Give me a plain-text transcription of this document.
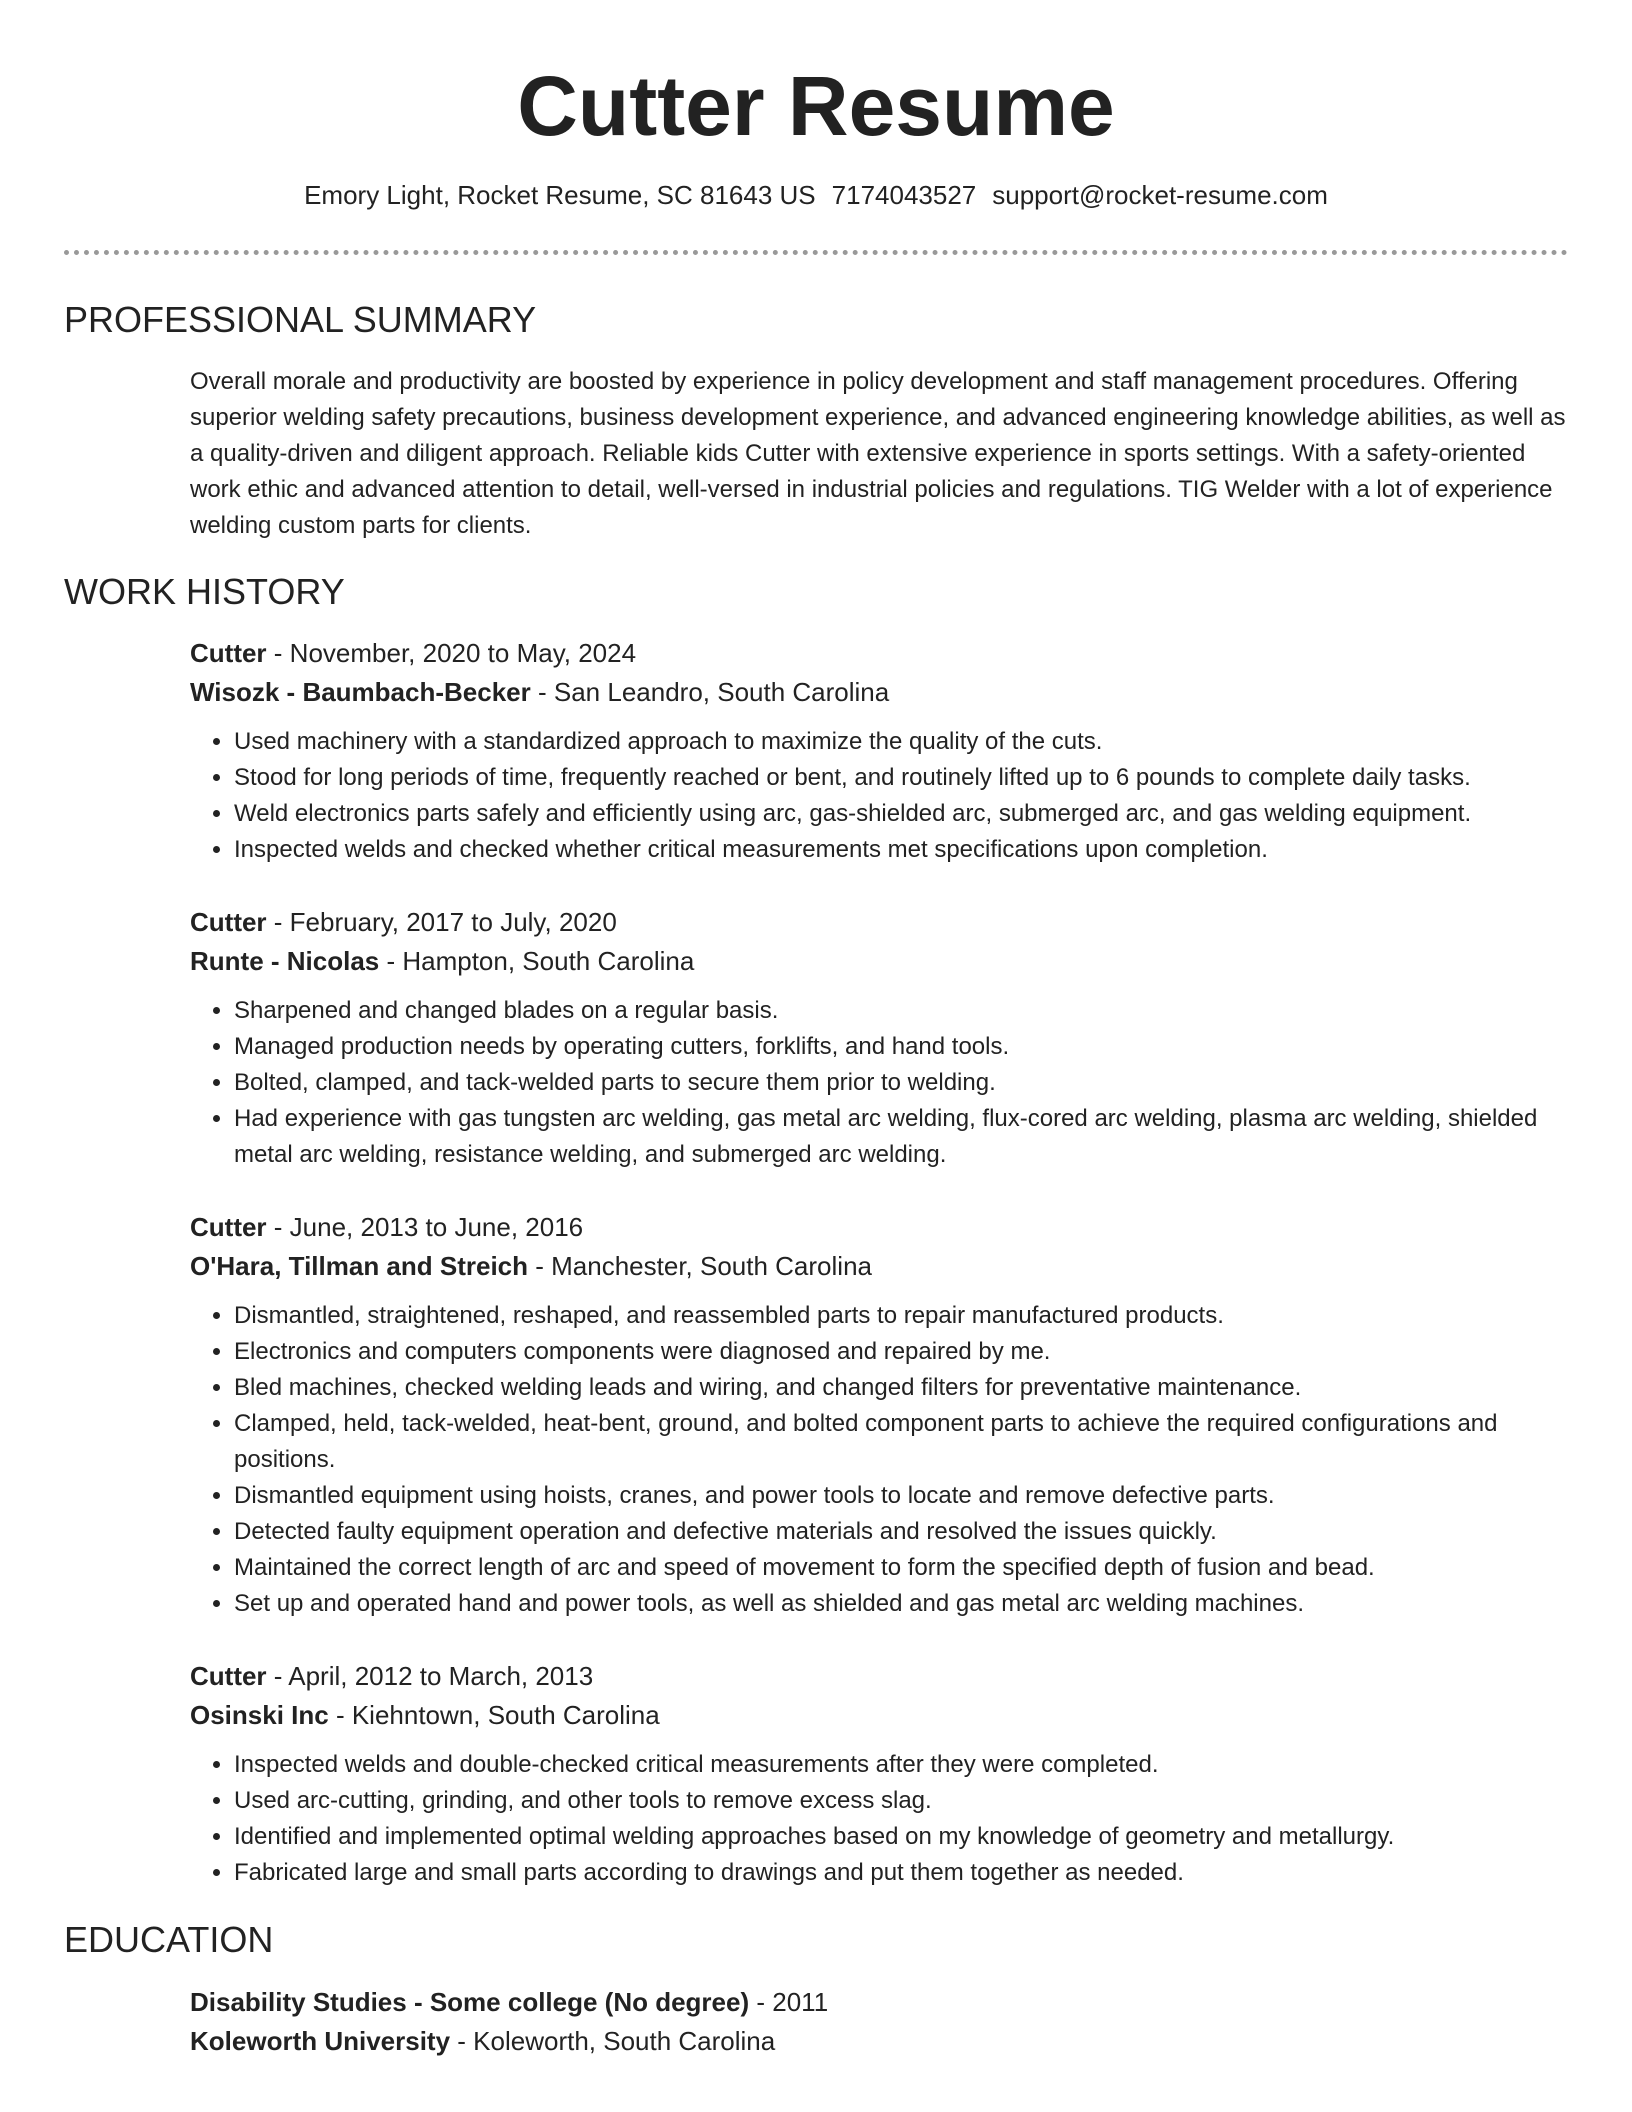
Cutter Resume
Emory Light, Rocket Resume, SC 81643 US 7174043527 support@rocket-resume.com
PROFESSIONAL SUMMARY

Overall morale and productivity are boosted by experience in policy development and staff management procedures. Offering superior welding safety precautions, business development experience, and advanced engineering knowledge abilities, as well as a quality-driven and diligent approach. Reliable kids Cutter with extensive experience in sports settings. With a safety-oriented work ethic and advanced attention to detail, well-versed in industrial policies and regulations. TIG Welder with a lot of experience welding custom parts for clients.

WORK HISTORY
Cutter - November, 2020 to May, 2024
Wisozk - Baumbach-Becker - San Leandro, South Carolina
• Used machinery with a standardized approach to maximize the quality of the cuts.
• Stood for long periods of time, frequently reached or bent, and routinely lifted up to 6 pounds to complete daily tasks.
• Weld electronics parts safely and efficiently using arc, gas-shielded arc, submerged arc, and gas welding equipment.
• Inspected welds and checked whether critical measurements met specifications upon completion.
Cutter - February, 2017 to July, 2020
Runte - Nicolas - Hampton, South Carolina
• Sharpened and changed blades on a regular basis.
• Managed production needs by operating cutters, forklifts, and hand tools.
• Bolted, clamped, and tack-welded parts to secure them prior to welding.
• Had experience with gas tungsten arc welding, gas metal arc welding, flux-cored arc welding, plasma arc welding, shielded metal arc welding, resistance welding, and submerged arc welding.
Cutter - June, 2013 to June, 2016
O'Hara, Tillman and Streich - Manchester, South Carolina
• Dismantled, straightened, reshaped, and reassembled parts to repair manufactured products.
• Electronics and computers components were diagnosed and repaired by me.
• Bled machines, checked welding leads and wiring, and changed filters for preventative maintenance.
• Clamped, held, tack-welded, heat-bent, ground, and bolted component parts to achieve the required configurations and positions.
• Dismantled equipment using hoists, cranes, and power tools to locate and remove defective parts.
• Detected faulty equipment operation and defective materials and resolved the issues quickly.
• Maintained the correct length of arc and speed of movement to form the specified depth of fusion and bead.
• Set up and operated hand and power tools, as well as shielded and gas metal arc welding machines.
Cutter - April, 2012 to March, 2013
Osinski Inc - Kiehntown, South Carolina
• Inspected welds and double-checked critical measurements after they were completed.
• Used arc-cutting, grinding, and other tools to remove excess slag.
• Identified and implemented optimal welding approaches based on my knowledge of geometry and metallurgy.
• Fabricated large and small parts according to drawings and put them together as needed.
EDUCATION
Disability Studies - Some college (No degree) - 2011
Koleworth University - Koleworth, South Carolina
